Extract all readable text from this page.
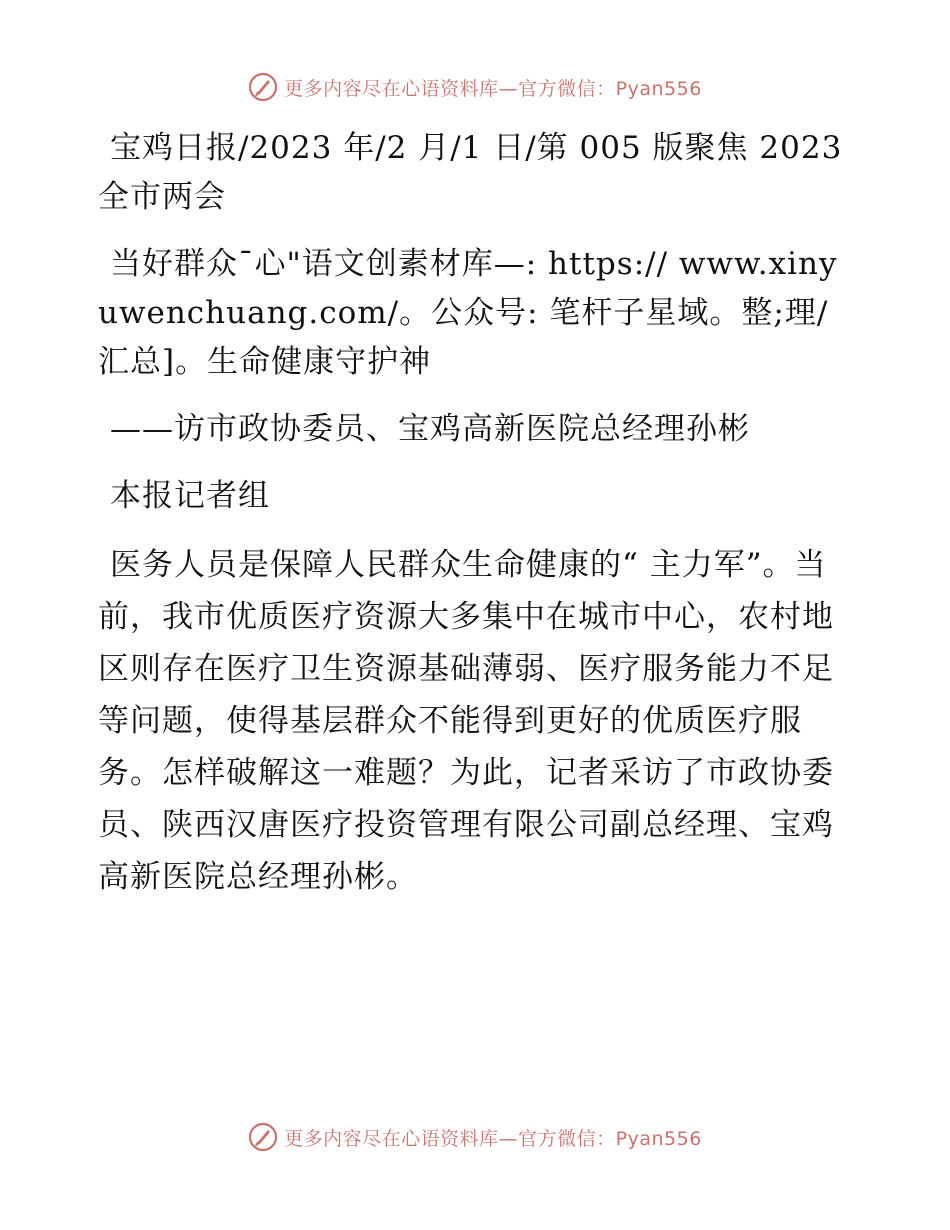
更多内容尽在心语资料库—官方微信：Pyan556

宝鸡日报/2023 年/2 月/1 日/第 005 版聚焦 2023 全市两会

当好群众¯心"语文创素材库—: https:// www.xinyuwenchuang.com/。公众号: 笔杆子星域。整;理/汇总]。生命健康守护神

——访市政协委员、宝鸡高新医院总经理孙彬

本报记者组

医务人员是保障人民群众生命健康的“ 主力军”。当前，我市优质医疗资源大多集中在城市中心，农村地区则存在医疗卫生资源基础薄弱、医疗服务能力不足等问题，使得基层群众不能得到更好的优质医疗服务。怎样破解这一难题？为此，记者采访了市政协委员、陕西汉唐医疗投资管理有限公司副总经理、宝鸡高新医院总经理孙彬。

更多内容尽在心语资料库—官方微信：Pyan556
